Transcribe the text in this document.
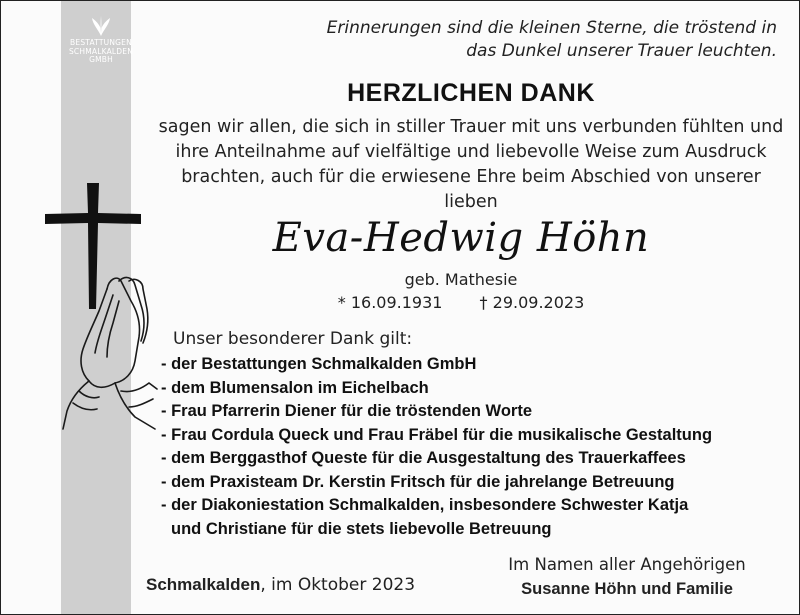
BESTATTUNGEN
SCHMALKALDEN
GMBH
Erinnerungen sind die kleinen Sterne, die tröstend in
das Dunkel unserer Trauer leuchten.
HERZLICHEN DANK
sagen wir allen, die sich in stiller Trauer mit uns verbunden fühlten und
ihre Anteilnahme auf vielfältige und liebevolle Weise zum Ausdruck
brachten, auch für die erwiesene Ehre beim Abschied von unserer
lieben
Eva-Hedwig Höhn
geb. Mathesie
* 16.09.1931 † 29.09.2023
Unser besonderer Dank gilt:
- der Bestattungen Schmalkalden GmbH
- dem Blumensalon im Eichelbach
- Frau Pfarrerin Diener für die tröstenden Worte
- Frau Cordula Queck und Frau Fräbel für die musikalische Gestaltung
- dem Berggasthof Queste für die Ausgestaltung des Trauerkaffees
- dem Praxisteam Dr. Kerstin Fritsch für die jahrelange Betreuung
- der Diakoniestation Schmalkalden, insbesondere Schwester Katja
und Christiane für die stets liebevolle Betreuung
Schmalkalden, im Oktober 2023
Im Namen aller Angehörigen
Susanne Höhn und Familie
